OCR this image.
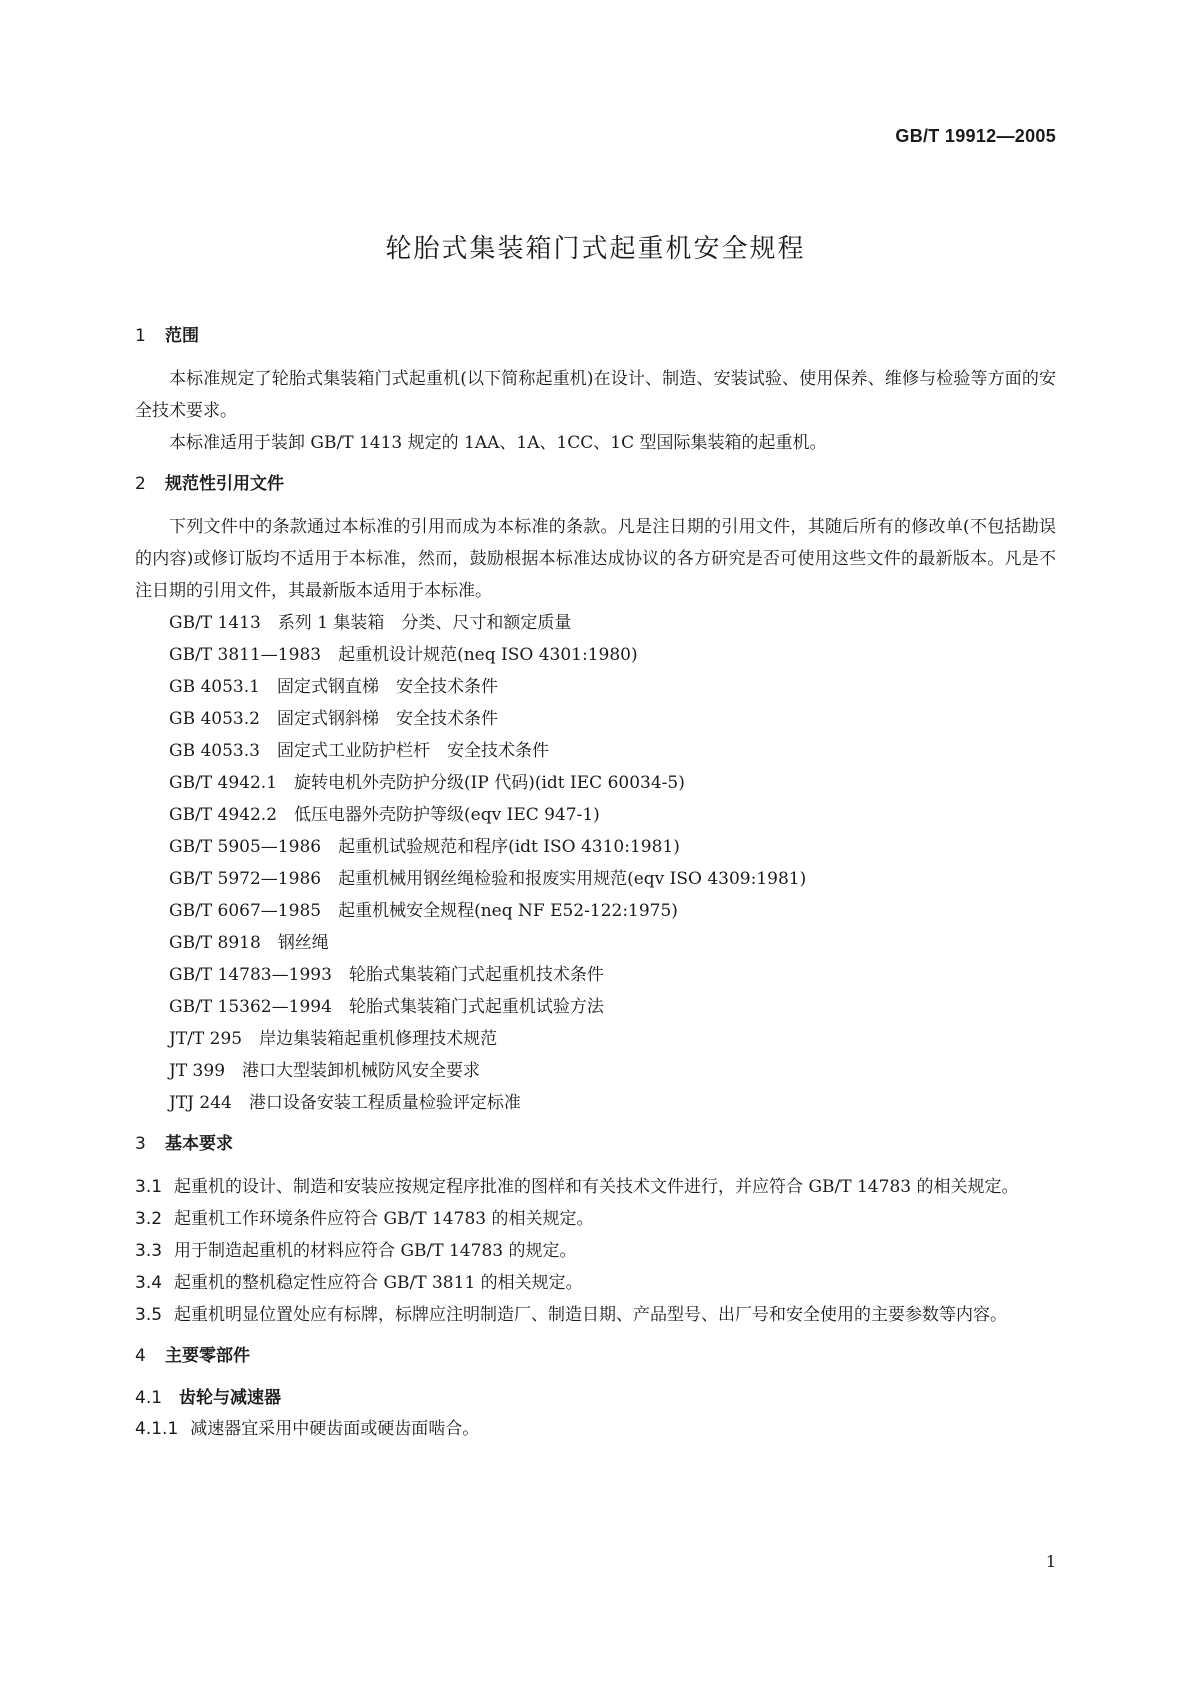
GB/T 19912—2005
轮胎式集装箱门式起重机安全规程
1 范围

本标准规定了轮胎式集装箱门式起重机(以下简称起重机)在设计、制造、安装试验、使用保养、维修与检验等方面的安全技术要求。

本标准适用于装卸 GB/T 1413 规定的 1AA、1A、1CC、1C 型国际集装箱的起重机。

2 规范性引用文件

下列文件中的条款通过本标准的引用而成为本标准的条款。凡是注日期的引用文件，其随后所有的修改单(不包括勘误的内容)或修订版均不适用于本标准，然而，鼓励根据本标准达成协议的各方研究是否可使用这些文件的最新版本。凡是不注日期的引用文件，其最新版本适用于本标准。

GB/T 1413 系列 1 集装箱 分类、尺寸和额定质量

GB/T 3811—1983 起重机设计规范(neq ISO 4301:1980)

GB 4053.1 固定式钢直梯 安全技术条件

GB 4053.2 固定式钢斜梯 安全技术条件

GB 4053.3 固定式工业防护栏杆 安全技术条件

GB/T 4942.1 旋转电机外壳防护分级(IP 代码)(idt IEC 60034-5)

GB/T 4942.2 低压电器外壳防护等级(eqv IEC 947-1)

GB/T 5905—1986 起重机试验规范和程序(idt ISO 4310:1981)

GB/T 5972—1986 起重机械用钢丝绳检验和报废实用规范(eqv ISO 4309:1981)

GB/T 6067—1985 起重机械安全规程(neq NF E52-122:1975)

GB/T 8918 钢丝绳

GB/T 14783—1993 轮胎式集装箱门式起重机技术条件

GB/T 15362—1994 轮胎式集装箱门式起重机试验方法

JT/T 295 岸边集装箱起重机修理技术规范

JT 399 港口大型装卸机械防风安全要求

JTJ 244 港口设备安装工程质量检验评定标准

3 基本要求

3.1 起重机的设计、制造和安装应按规定程序批准的图样和有关技术文件进行，并应符合 GB/T 14783 的相关规定。

3.2 起重机工作环境条件应符合 GB/T 14783 的相关规定。

3.3 用于制造起重机的材料应符合 GB/T 14783 的规定。

3.4 起重机的整机稳定性应符合 GB/T 3811 的相关规定。

3.5 起重机明显位置处应有标牌，标牌应注明制造厂、制造日期、产品型号、出厂号和安全使用的主要参数等内容。

4 主要零部件
4.1 齿轮与减速器

4.1.1 减速器宜采用中硬齿面或硬齿面啮合。

1
